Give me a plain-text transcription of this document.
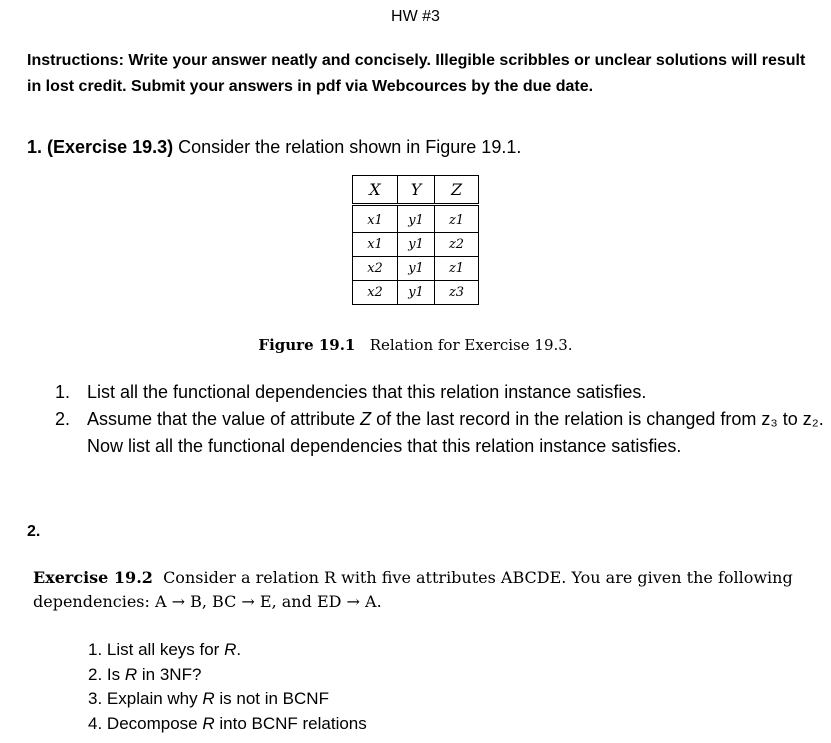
HW #3
Instructions: Write your answer neatly and concisely. Illegible scribbles or unclear solutions will result in lost credit. Submit your answers in pdf via Webcources by the due date.
1. (Exercise 19.3) Consider the relation shown in Figure 19.1.
X	Y	Z
x1	y1	z1
x1	y1	z2
x2	y1	z1
x2	y1	z3
Figure 19.1 Relation for Exercise 19.3.
1. List all the functional dependencies that this relation instance satisfies.
2. Assume that the value of attribute Z of the last record in the relation is changed from z₃ to z₂. Now list all the functional dependencies that this relation instance satisfies.
2.
Exercise 19.2 Consider a relation R with five attributes ABCDE. You are given the following dependencies: A → B, BC → E, and ED → A.
1. List all keys for R.
2. Is R in 3NF?
3. Explain why R is not in BCNF
4. Decompose R into BCNF relations
